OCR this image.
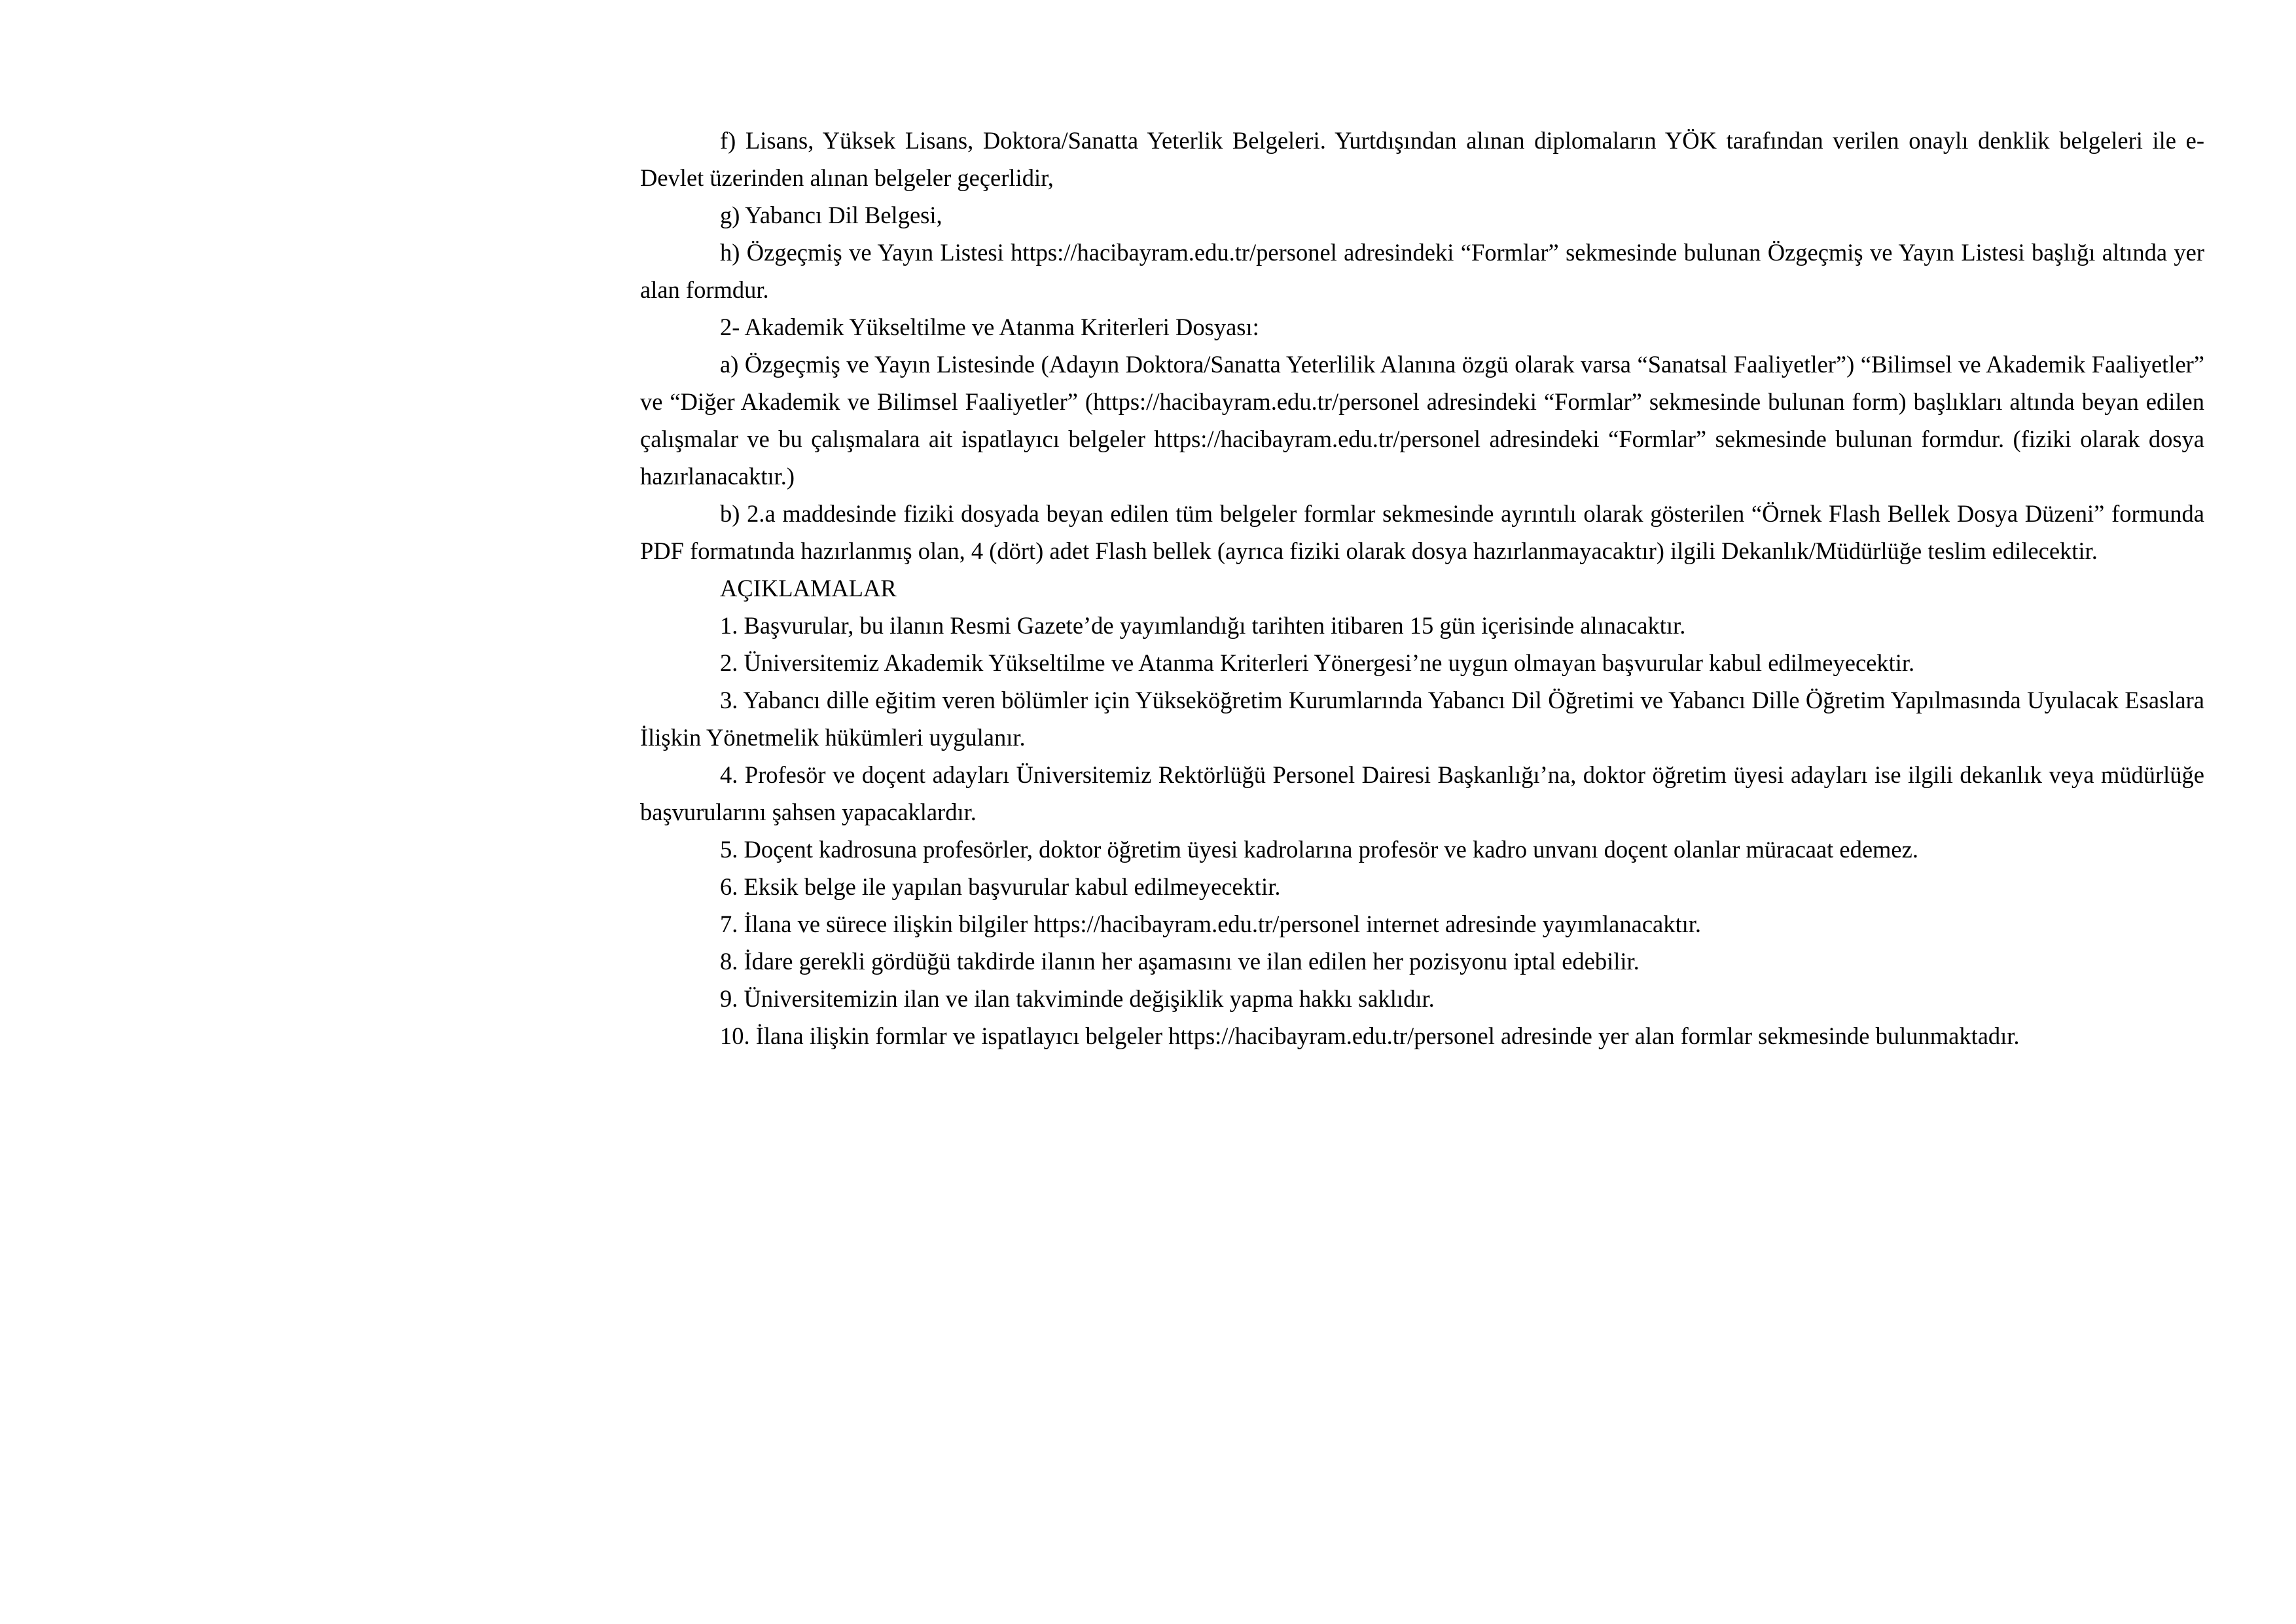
f) Lisans, Yüksek Lisans, Doktora/Sanatta Yeterlik Belgeleri. Yurtdışından alınan diplomaların YÖK tarafından verilen onaylı denklik belgeleri ile e-Devlet üzerinden alınan belgeler geçerlidir,

g) Yabancı Dil Belgesi,

h) Özgeçmiş ve Yayın Listesi https://hacibayram.edu.tr/personel adresindeki “Formlar” sekmesinde bulunan Özgeçmiş ve Yayın Listesi başlığı altında yer alan formdur.

2- Akademik Yükseltilme ve Atanma Kriterleri Dosyası:

a) Özgeçmiş ve Yayın Listesinde (Adayın Doktora/Sanatta Yeterlilik Alanına özgü olarak varsa “Sanatsal Faaliyetler”) “Bilimsel ve Akademik Faaliyetler” ve “Diğer Akademik ve Bilimsel Faaliyetler” (https://hacibayram.edu.tr/personel adresindeki “Formlar” sekmesinde bulunan form) başlıkları altında beyan edilen çalışmalar ve bu çalışmalara ait ispatlayıcı belgeler https://hacibayram.edu.tr/personel adresindeki “Formlar” sekmesinde bulunan formdur. (fiziki olarak dosya hazırlanacaktır.)

b) 2.a maddesinde fiziki dosyada beyan edilen tüm belgeler formlar sekmesinde ayrıntılı olarak gösterilen “Örnek Flash Bellek Dosya Düzeni” formunda PDF formatında hazırlanmış olan, 4 (dört) adet Flash bellek (ayrıca fiziki olarak dosya hazırlanmayacaktır) ilgili Dekanlık/Müdürlüğe teslim edilecektir.

AÇIKLAMALAR

1. Başvurular, bu ilanın Resmi Gazete’de yayımlandığı tarihten itibaren 15 gün içerisinde alınacaktır.

2. Üniversitemiz Akademik Yükseltilme ve Atanma Kriterleri Yönergesi’ne uygun olmayan başvurular kabul edilmeyecektir.

3. Yabancı dille eğitim veren bölümler için Yükseköğretim Kurumlarında Yabancı Dil Öğretimi ve Yabancı Dille Öğretim Yapılmasında Uyulacak Esaslara İlişkin Yönetmelik hükümleri uygulanır.

4. Profesör ve doçent adayları Üniversitemiz Rektörlüğü Personel Dairesi Başkanlığı’na, doktor öğretim üyesi adayları ise ilgili dekanlık veya müdürlüğe başvurularını şahsen yapacaklardır.

5. Doçent kadrosuna profesörler, doktor öğretim üyesi kadrolarına profesör ve kadro unvanı doçent olanlar müracaat edemez.

6. Eksik belge ile yapılan başvurular kabul edilmeyecektir.

7. İlana ve sürece ilişkin bilgiler https://hacibayram.edu.tr/personel internet adresinde yayımlanacaktır.

8. İdare gerekli gördüğü takdirde ilanın her aşamasını ve ilan edilen her pozisyonu iptal edebilir.

9. Üniversitemizin ilan ve ilan takviminde değişiklik yapma hakkı saklıdır.

10. İlana ilişkin formlar ve ispatlayıcı belgeler https://hacibayram.edu.tr/personel adresinde yer alan formlar sekmesinde bulunmaktadır.
